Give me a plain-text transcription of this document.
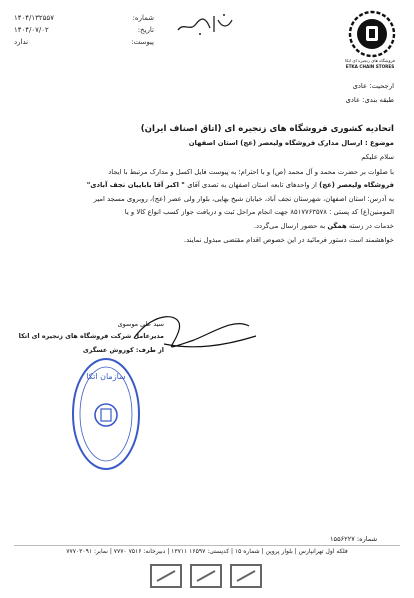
شماره:
۱۴۰۴/۱۳۲۵۵۷
تاریخ:
۱۴۰۴/۰۷/۰۲
پیوست:
ندارد
فروشگاه های زنجیره ای اتکا
ETKA CHAIN STORES
ارجحیت: عادی
طبقه بندی: عادی
اتحادیه کشوری فروشگاه های زنجیره ای (اتاق اصناف ایران)
موضوع : ارسال مدارک فروشگاه ولیعصر (عج) استان اصفهان
سلام علیکم
با صلوات بر حضرت محمد و آل محمد (ص) و با احترام؛ به پیوست فایل اکسل و مدارک مرتبط با ایجاد
فروشگاه ولیعصر (عج) از واحدهای تابعه استان اصفهان به تصدی آقای " اکبر آقا باباییان نجف آبادی"
به آدرس: استان اصفهان، شهرستان نجف آباد، خیابان شیخ بهایی، بلوار ولی عصر (عج)، روبروی مسجد امیر
المومنین(ع) کد پستی : ۸۵۱۷۷۶۳۵۷۸ جهت انجام مراحل ثبت و دریافت جواز کسب انواع کالا و یا
خدمات در رسته همگن به حضور ارسال می‌گردد.
خواهشمند است دستور فرمائید در این خصوص اقدام مقتضی مبذول نمایند.
سید علی موسوی
مدیرعامل شرکت فروشگاه های زنجیره ای اتکا
از طرف: کوروش عسگری
سازمان اتکا
شماره: ۱۵۵۶۲۲۷
فلکه اول تهرانپارس | بلوار پروین | شماره ۱۵ | کدپستی: ۱۶۵۹۷ ۱۳۷۱۱ | دبیرخانه: ۷۵۱۶ ۷۷۷۰ | نمابر: ۷۷۷۰۳۰۹۱
